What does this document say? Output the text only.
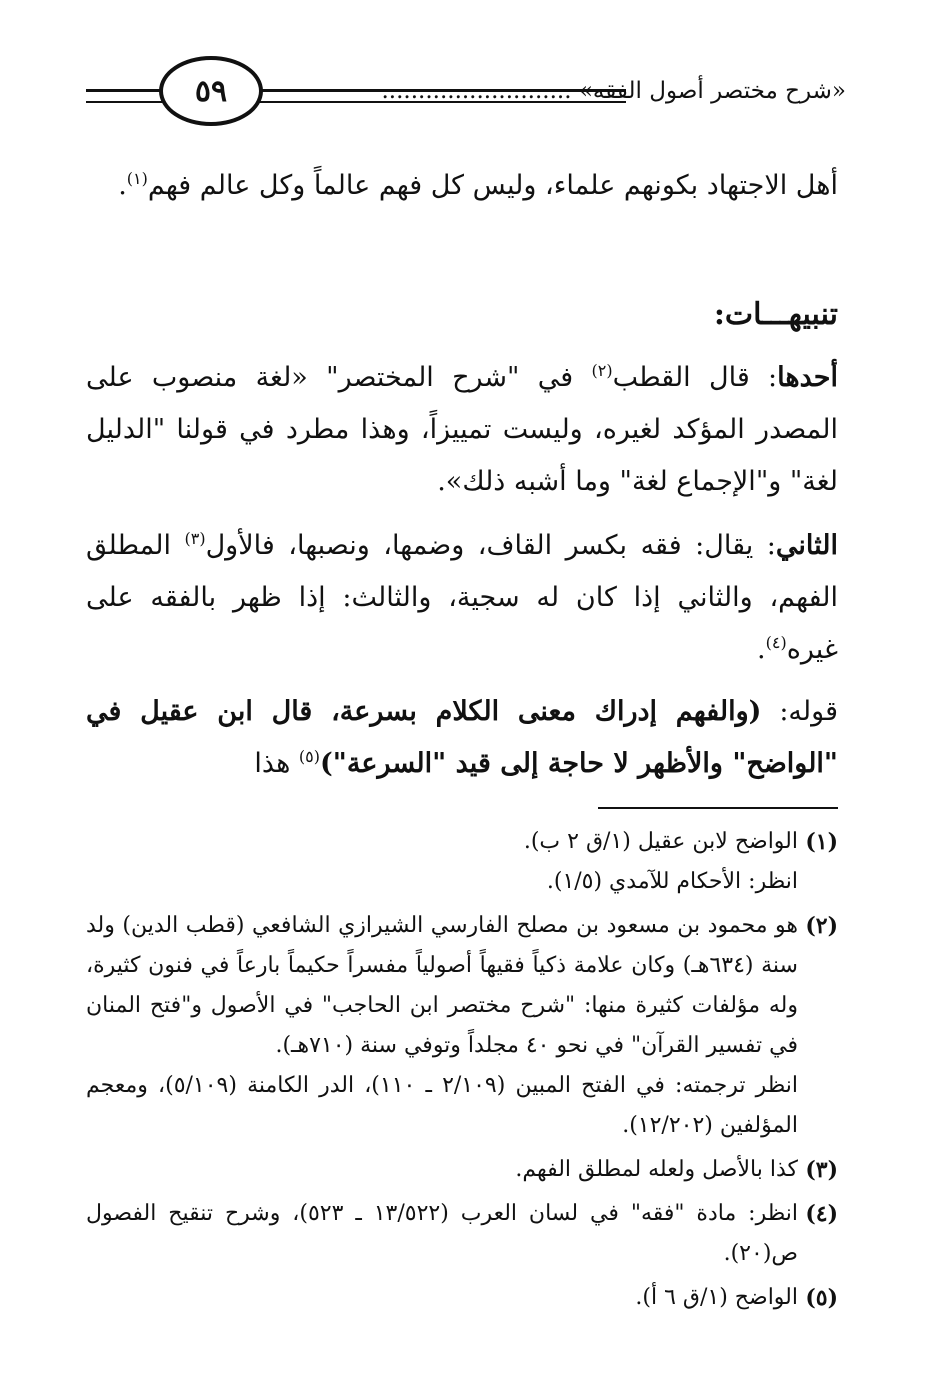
٥٩	«شرح مختصر أصول الفقه» ..........................
أهل الاجتهاد بكونهم علماء، وليس كل فهم عالماً وكل عالم فهم$^{(١)}$.
تنبيهـــات:
أحدها: قال القطب$^{(٢)}$ في "شرح المختصر" «لغة منصوب على المصدر المؤكد لغيره، وليست تمييزاً، وهذا مطرد في قولنا "الدليل لغة" و"الإجماع لغة" وما أشبه ذلك».
الثاني: يقال: فقه بكسر القاف، وضمها، ونصبها، فالأول$^{(٣)}$ المطلق الفهم، والثاني إذا كان له سجية، والثالث: إذا ظهر بالفقه على غيره$^{(٤)}$.
قوله: (والفهم إدراك معنى الكلام بسرعة، قال ابن عقيل في "الواضح" والأظهر لا حاجة إلى قيد "السرعة")$^{(٥)}$ هذا
(١)

الواضح لابن عقيل (١/ق ٢ ب).

انظر: الأحكام للآمدي (١/٥).

(٢)

هو محمود بن مسعود بن مصلح الفارسي الشيرازي الشافعي (قطب الدين) ولد سنة (٦٣٤هـ) وكان علامة ذكياً فقيهاً أصولياً مفسراً حكيماً بارعاً في فنون كثيرة، وله مؤلفات كثيرة منها: "شرح مختصر ابن الحاجب" في الأصول و"فتح المنان في تفسير القرآن" في نحو ٤٠ مجلداً وتوفي سنة (٧١٠هـ).

انظر ترجمته: في الفتح المبين (٢/١٠٩ ـ ١١٠)، الدر الكامنة (٥/١٠٩)، ومعجم المؤلفين (١٢/٢٠٢).

(٣)

كذا بالأصل ولعله لمطلق الفهم.

(٤)

انظر: مادة "فقه" في لسان العرب (١٣/٥٢٢ ـ ٥٢٣)، وشرح تنقيح الفصول ص(٢٠).

(٥)

الواضح (١/ق ٦ أ).
